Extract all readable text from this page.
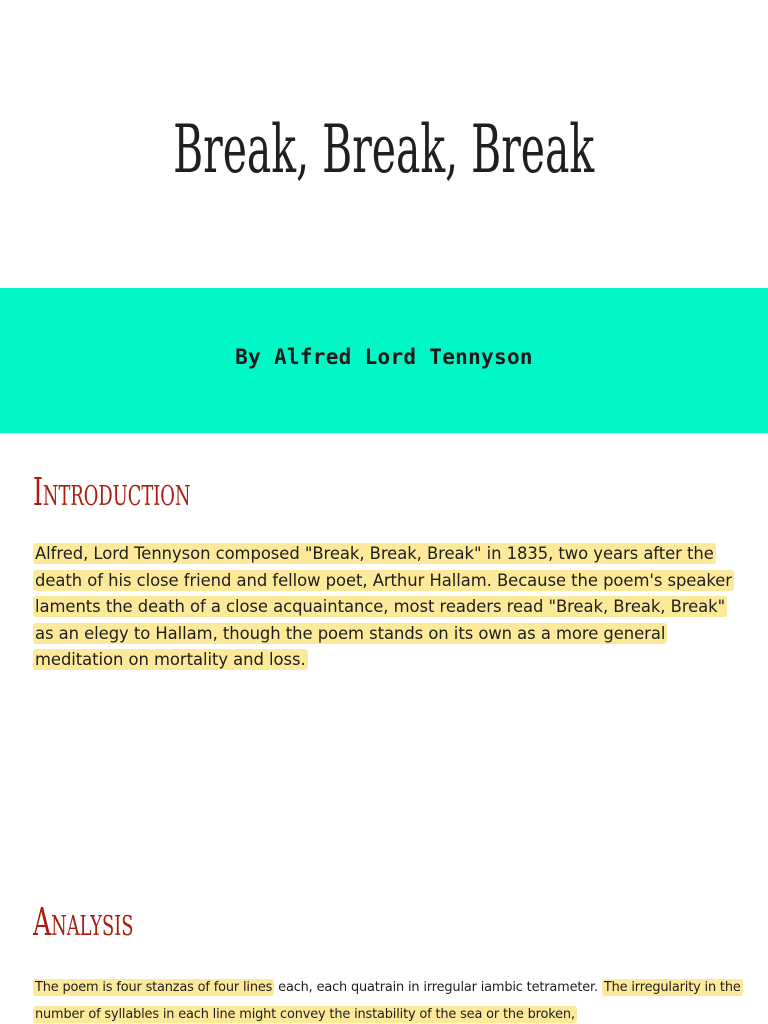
Break, Break, Break
By Alfred Lord Tennyson
Introduction

Alfred, Lord Tennyson composed "Break, Break, Break" in 1835, two years after the death of his close friend and fellow poet, Arthur Hallam. Because the poem's speaker laments the death of a close acquaintance, most readers read "Break, Break, Break" as an elegy to Hallam, though the poem stands on its own as a more general meditation on mortality and loss.

Analysis

The poem is four stanzas of four lines each, each quatrain in irregular iambic tetrameter. The irregularity in the number of syllables in each line might convey the instability of the sea or the broken,
